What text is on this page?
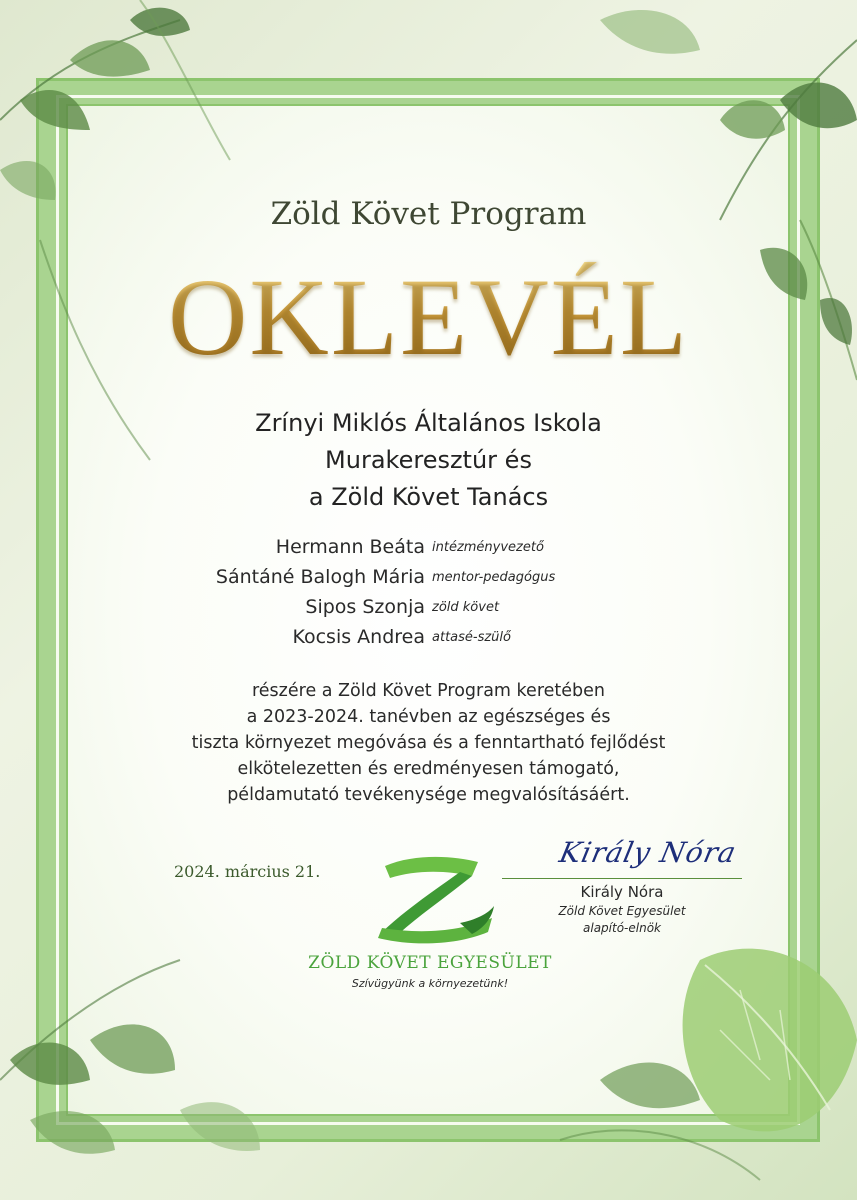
Zöld Követ Program
OKLEVÉL
Zrínyi Miklós Általános Iskola
Murakeresztúr és
a Zöld Követ Tanács
Hermann Beáta intézményvezető
Sántáné Balogh Mária mentor-pedagógus
Sipos Szonja zöld követ
Kocsis Andrea attasé-szülő
részére a Zöld Követ Program keretében
a 2023-2024. tanévben az egészséges és
tiszta környezet megóvása és a fenntartható fejlődést
elkötelezetten és eredményesen támogató,
példamutató tevékenysége megvalósításáért.
2024. március 21.
ZÖLD KÖVET EGYESÜLET
Szívügyünk a környezetünk!
Király Nóra
Király Nóra
Zöld Követ Egyesület
alapító-elnök
